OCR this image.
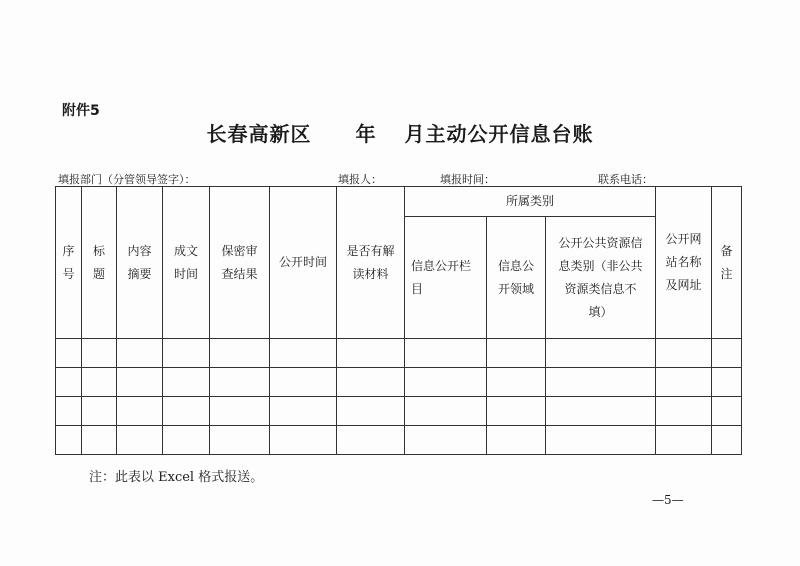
附件5
长春高新区 年 月主动公开信息台账
填报部门（分管领导签字）：	填报人：	填报时间：	联系电话：
序号	标题	内容摘要	成文时间	保密审查结果	公开时间	是否有解读材料	所属类别			公开网站名称及网址	备注

							信息公开栏目	信息公开领域	公开公共资源信息类别（非公共资源类信息不填）		

注：此表以 Excel 格式报送。
—5—
